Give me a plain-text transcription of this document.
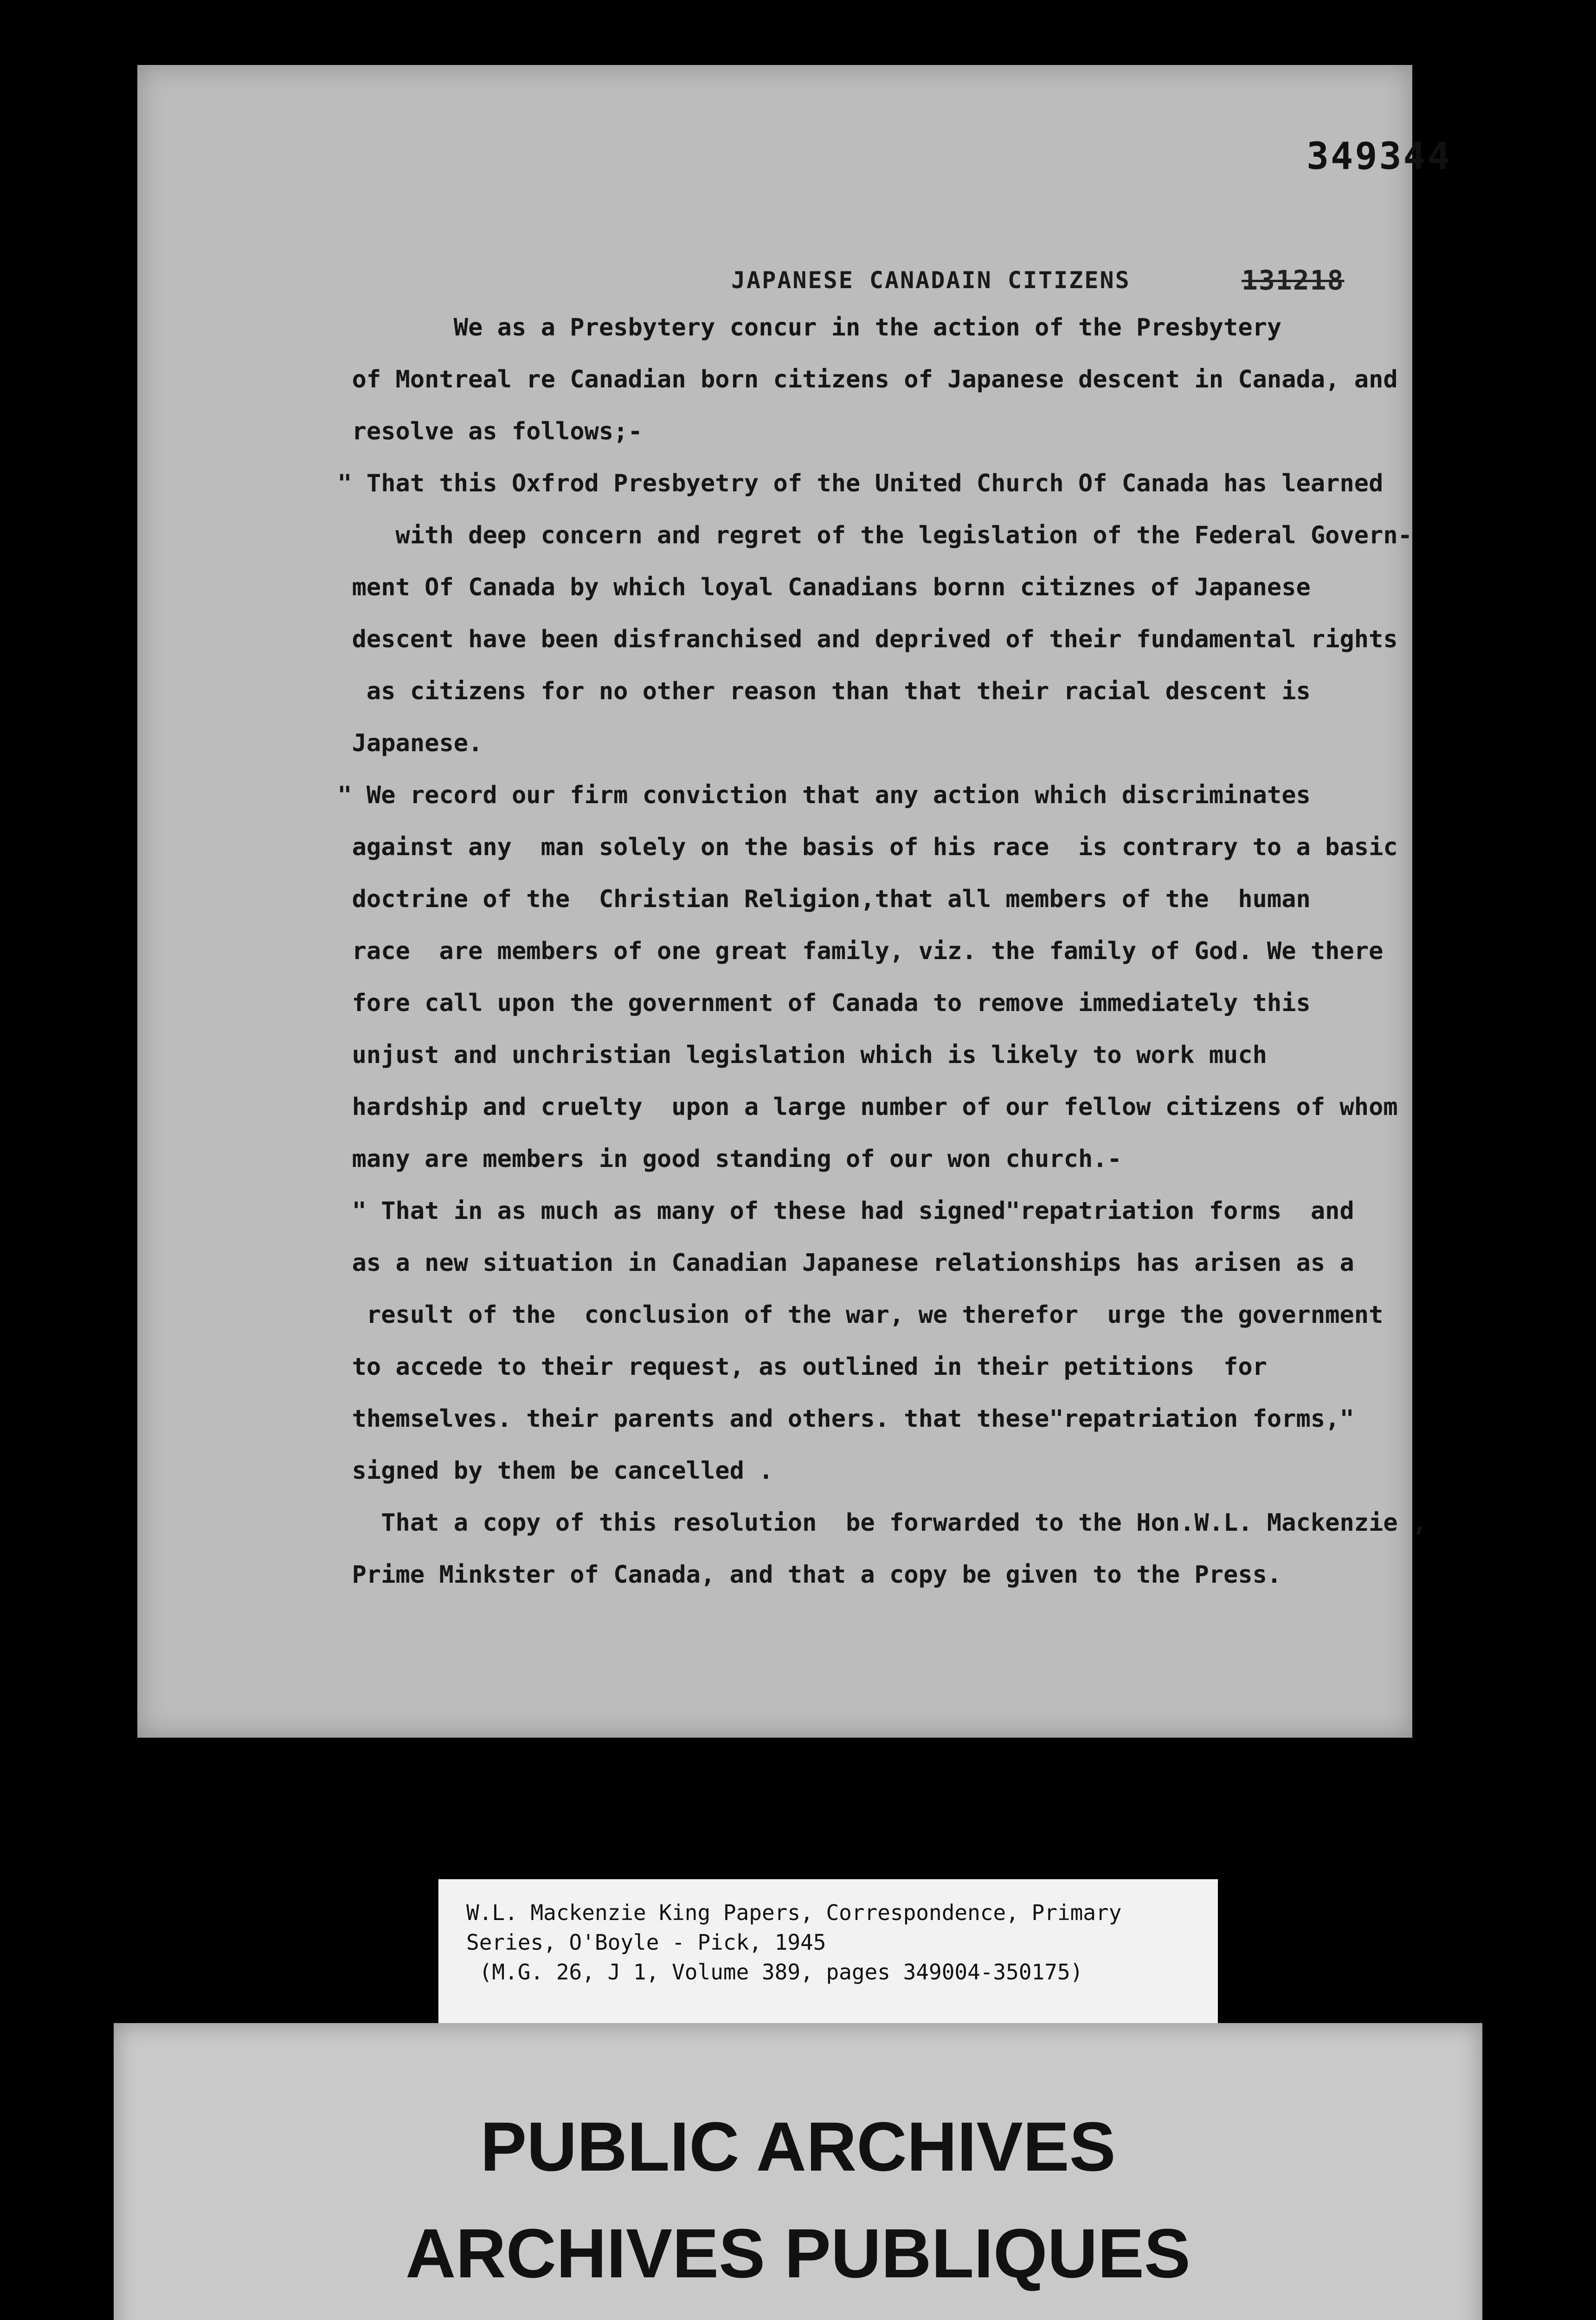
349344
131218
JAPANESE CANADAIN CITIZENS
We as a Presbytery concur in the action of the Presbytery
of Montreal re Canadian born citizens of Japanese descent in Canada, and
resolve as follows;-
" That this Oxfrod Presbyetry of the United Church Of Canada has learned
with deep concern and regret of the legislation of the Federal Govern-
ment Of Canada by which loyal Canadians bornn citiznes of Japanese
descent have been disfranchised and deprived of their fundamental rights
as citizens for no other reason than that their racial descent is
Japanese.
" We record our firm conviction that any action which discriminates
against any  man solely on the basis of his race  is contrary to a basic
doctrine of the  Christian Religion,that all members of the  human
race  are members of one great family, viz. the family of God. We there
fore call upon the government of Canada to remove immediately this
unjust and unchristian legislation which is likely to work much
hardship and cruelty  upon a large number of our fellow citizens of whom
many are members in good standing of our won church.-
" That in as much as many of these had signed"repatriation forms  and
as a new situation in Canadian Japanese relationships has arisen as a
result of the  conclusion of the war, we therefor  urge the government
to accede to their request, as outlined in their petitions  for
themselves. their parents and others. that these"repatriation forms,"
signed by them be cancelled .
That a copy of this resolution  be forwarded to the Hon.W.L. Mackenzie ,
Prime Minkster of Canada, and that a copy be given to the Press.
W.L. Mackenzie King Papers, Correspondence, Primary
Series, O'Boyle - Pick, 1945
(M.G. 26, J 1, Volume 389, pages 349004-350175)
PUBLIC ARCHIVES
ARCHIVES PUBLIQUES
